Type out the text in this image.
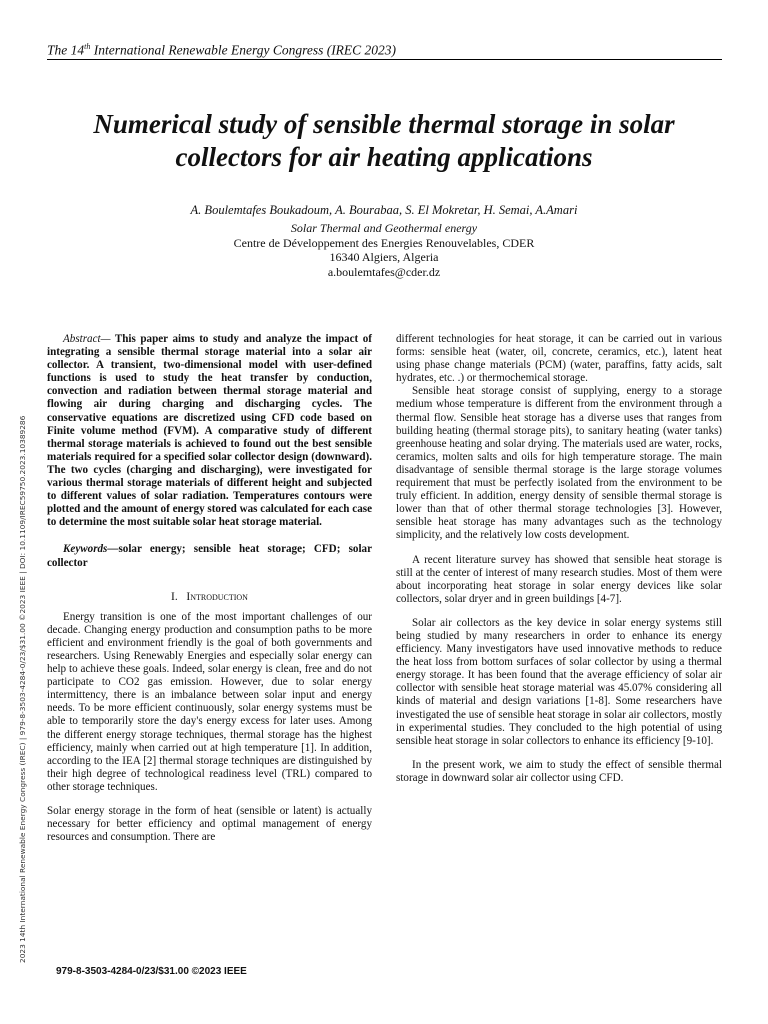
The 14th International Renewable Energy Congress (IREC 2023)
Numerical study of sensible thermal storage in solar collectors for air heating applications
A. Boulemtafes Boukadoum, A. Bourabaa, S. El Mokretar, H. Semai, A.Amari
Solar Thermal and Geothermal energy
Centre de Développement des Energies Renouvelables, CDER
16340 Algiers, Algeria
a.boulemtafes@cder.dz
2023 14th International Renewable Energy Congress (IREC) | 979-8-3503-4284-0/23/$31.00 ©2023 IEEE | DOI: 10.1109/IREC59750.2023.10389286

Abstract— This paper aims to study and analyze the impact of integrating a sensible thermal storage material into a solar air collector. A transient, two-dimensional model with user-defined functions is used to study the heat transfer by conduction, convection and radiation between thermal storage material and flowing air during charging and discharging cycles. The conservative equations are discretized using CFD code based on Finite volume method (FVM). A comparative study of different thermal storage materials is achieved to found out the best sensible materials required for a specified solar collector design (downward). The two cycles (charging and discharging), were investigated for various thermal storage materials of different height and subjected to different values of solar radiation. Temperatures contours were plotted and the amount of energy stored was calculated for each case to determine the most suitable solar heat storage material.

Keywords—solar energy; sensible heat storage; CFD; solar collector

I. Introduction

Energy transition is one of the most important challenges of our decade. Changing energy production and consumption paths to be more efficient and environment friendly is the goal of both governments and researchers. Using Renewably Energies and especially solar energy can help to achieve these goals. Indeed, solar energy is clean, free and do not participate to CO2 gas emission. However, due to solar energy intermittency, there is an imbalance between solar input and energy needs. To be more efficient continuously, solar energy systems must be able to temporarily store the day's energy excess for later uses. Among the different energy storage techniques, thermal storage has the highest efficiency, mainly when carried out at high temperature [1]. In addition, according to the IEA [2] thermal storage techniques are distinguished by their high degree of technological readiness level (TRL) compared to other storage techniques.

Solar energy storage in the form of heat (sensible or latent) is actually necessary for better efficiency and optimal management of energy resources and consumption. There are

different technologies for heat storage, it can be carried out in various forms: sensible heat (water, oil, concrete, ceramics, etc.), latent heat using phase change materials (PCM) (water, paraffins, fatty acids, salt hydrates, etc. .) or thermochemical storage.

Sensible heat storage consist of supplying, energy to a storage medium whose temperature is different from the environment through a thermal flow. Sensible heat storage has a diverse uses that ranges from building heating (thermal storage pits), to sanitary heating (water tanks) greenhouse heating and solar drying. The materials used are water, rocks, ceramics, molten salts and oils for high temperature storage. The main disadvantage of sensible thermal storage is the large storage volumes requirement that must be perfectly isolated from the environment to be truly efficient. In addition, energy density of sensible thermal storage is lower than that of other thermal storage technologies [3]. However, sensible heat storage has many advantages such as the technology simplicity, and the relatively low costs development.

A recent literature survey has showed that sensible heat storage is still at the center of interest of many research studies. Most of them were about incorporating heat storage in solar energy devices like solar collectors, solar dryer and in green buildings [4-7].

Solar air collectors as the key device in solar energy systems still being studied by many researchers in order to enhance its energy efficiency. Many investigators have used innovative methods to reduce the heat loss from bottom surfaces of solar collector by using a thermal energy storage. It has been found that the average efficiency of solar air collector with sensible heat storage material was 45.07% considering all kinds of material and design variations [1-8]. Some researchers have investigated the use of sensible heat storage in solar air collectors, mostly in experimental studies. They concluded to the high potential of using sensible heat storage in solar collectors to enhance its efficiency [9-10].

In the present work, we aim to study the effect of sensible thermal storage in downward solar air collector using CFD.

979-8-3503-4284-0/23/$31.00 ©2023 IEEE
